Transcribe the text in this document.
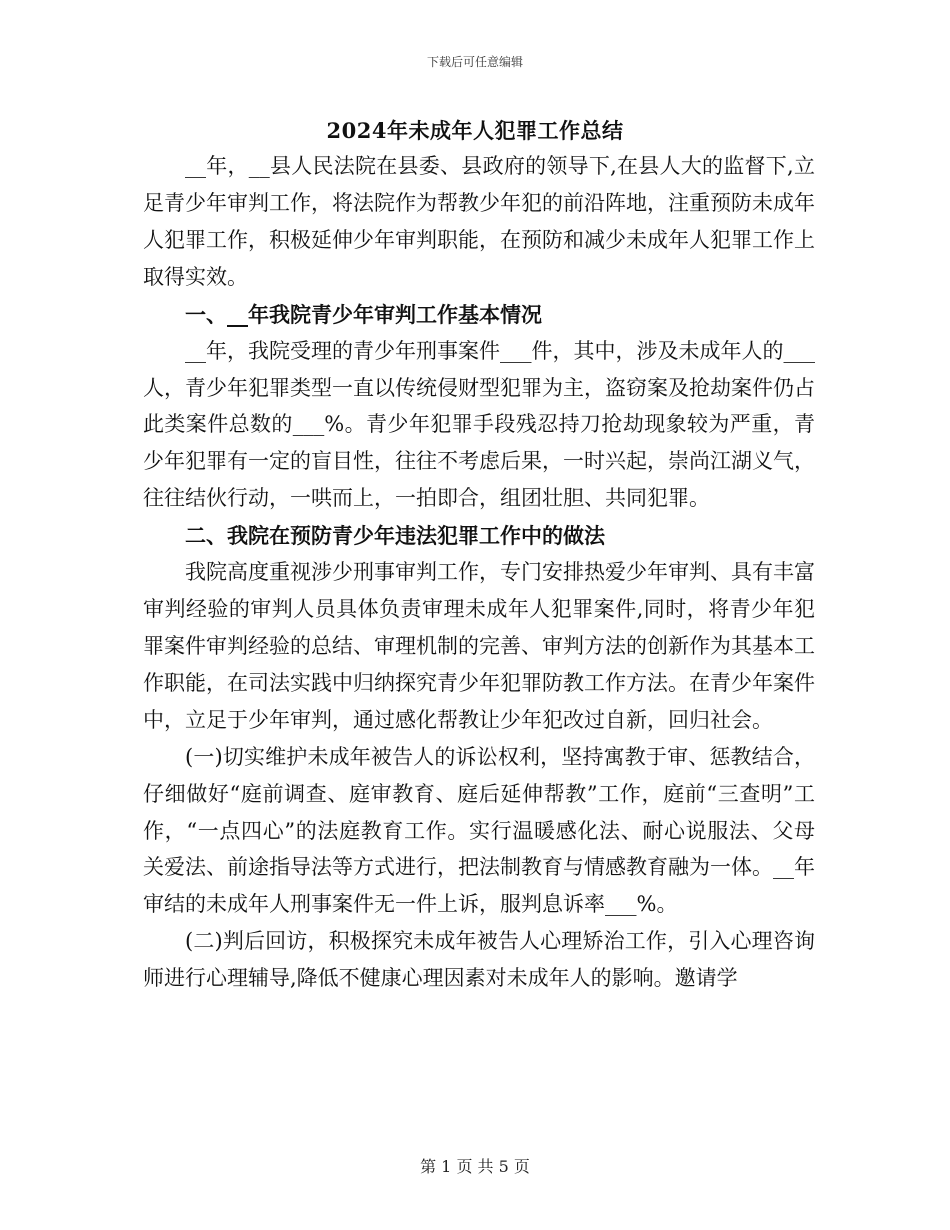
下载后可任意编辑
2024年未成年人犯罪工作总结

__年，__县人民法院在县委、县政府的领导下,在县人大的监督下,立足青少年审判工作，将法院作为帮教少年犯的前沿阵地，注重预防未成年人犯罪工作，积极延伸少年审判职能，在预防和减少未成年人犯罪工作上取得实效。

一、__年我院青少年审判工作基本情况

__年，我院受理的青少年刑事案件___件，其中，涉及未成年人的___人，青少年犯罪类型一直以传统侵财型犯罪为主，盗窃案及抢劫案件仍占此类案件总数的___%。青少年犯罪手段残忍持刀抢劫现象较为严重，青少年犯罪有一定的盲目性，往往不考虑后果，一时兴起，崇尚江湖义气，往往结伙行动，一哄而上，一拍即合，组团壮胆、共同犯罪。

二、我院在预防青少年违法犯罪工作中的做法

我院高度重视涉少刑事审判工作，专门安排热爱少年审判、具有丰富审判经验的审判人员具体负责审理未成年人犯罪案件,同时，将青少年犯罪案件审判经验的总结、审理机制的完善、审判方法的创新作为其基本工作职能，在司法实践中归纳探究青少年犯罪防教工作方法。在青少年案件中，立足于少年审判，通过感化帮教让少年犯改过自新，回归社会。

(一)切实维护未成年被告人的诉讼权利，坚持寓教于审、惩教结合，仔细做好“庭前调查、庭审教育、庭后延伸帮教”工作，庭前“三查明”工作，“一点四心”的法庭教育工作。实行温暖感化法、耐心说服法、父母关爱法、前途指导法等方式进行，把法制教育与情感教育融为一体。__年审结的未成年人刑事案件无一件上诉，服判息诉率___%。

(二)判后回访，积极探究未成年被告人心理矫治工作，引入心理咨询师进行心理辅导,降低不健康心理因素对未成年人的影响。邀请学

第 1 页 共 5 页
